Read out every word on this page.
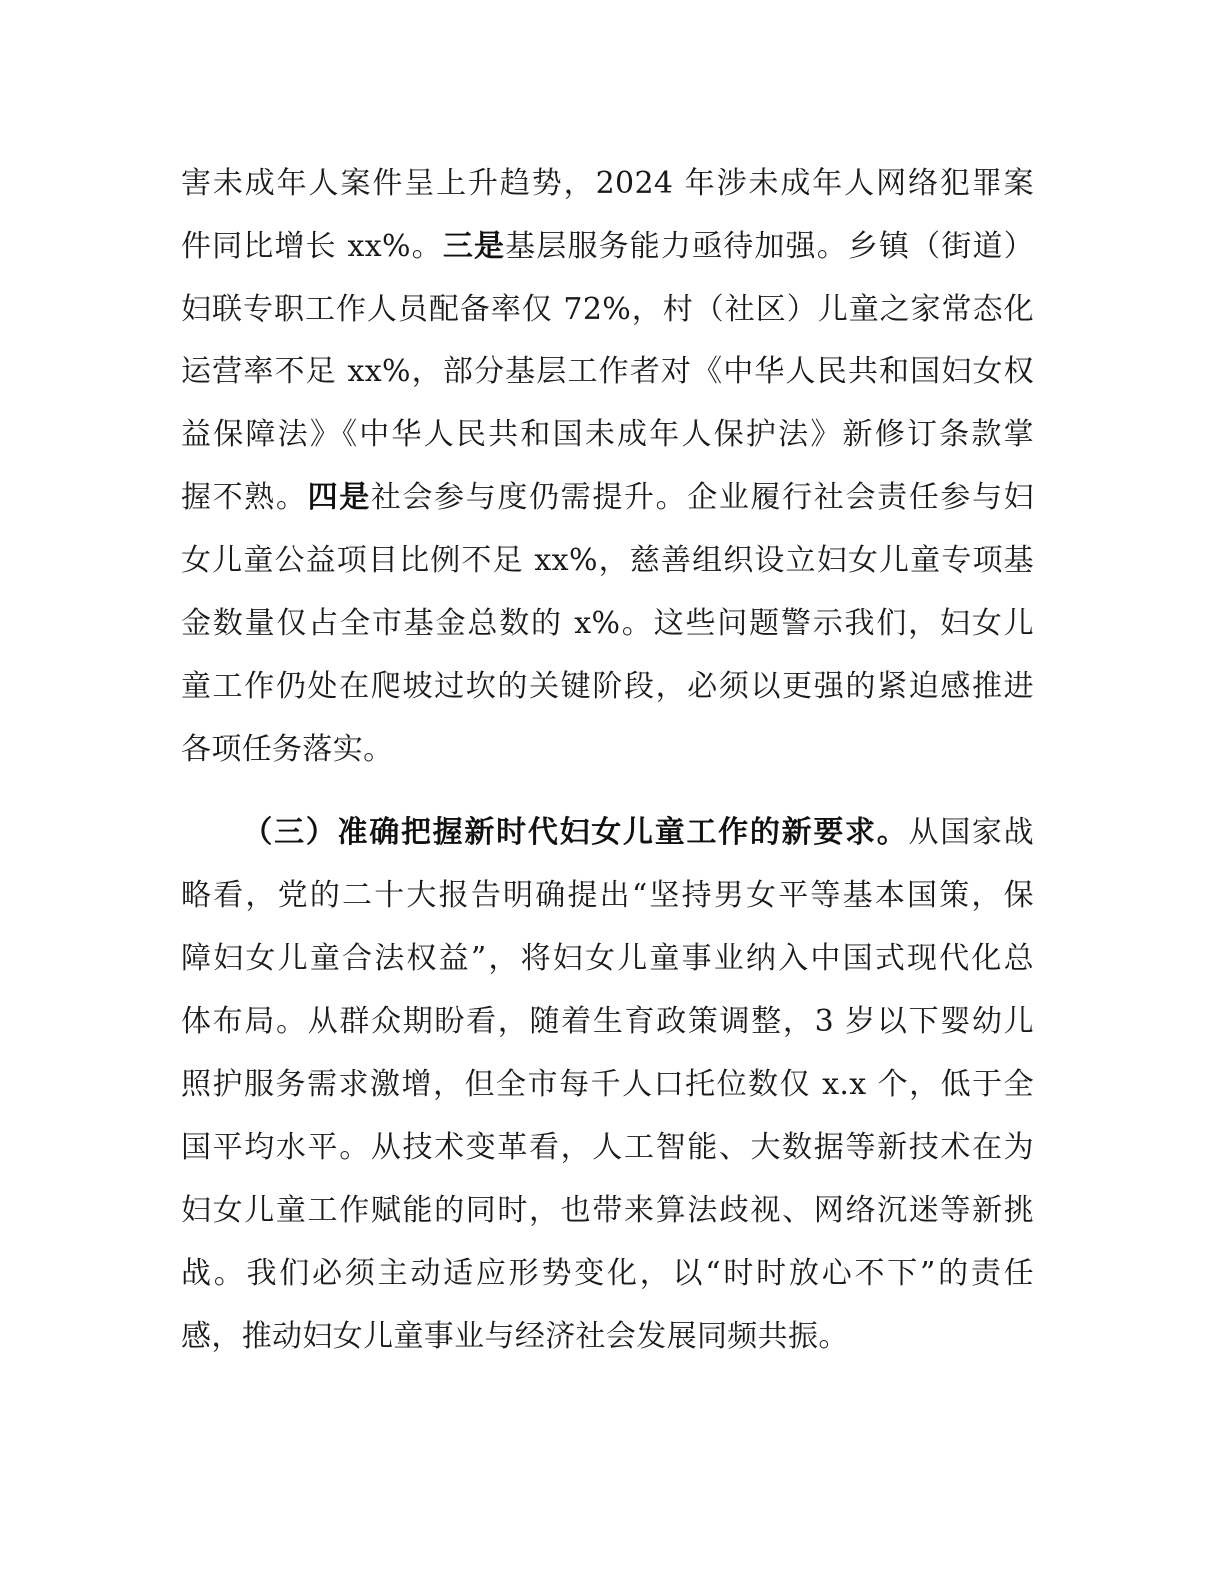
害未成年人案件呈上升趋势，2024 年涉未成年人网络犯罪案
件同比增长 xx%。三是基层服务能力亟待加强。乡镇（街道）
妇联专职工作人员配备率仅 72%，村（社区）儿童之家常态化
运营率不足 xx%，部分基层工作者对《中华人民共和国妇女权
益保障法》《中华人民共和国未成年人保护法》新修订条款掌
握不熟。四是社会参与度仍需提升。企业履行社会责任参与妇
女儿童公益项目比例不足 xx%，慈善组织设立妇女儿童专项基
金数量仅占全市基金总数的 x%。这些问题警示我们，妇女儿
童工作仍处在爬坡过坎的关键阶段，必须以更强的紧迫感推进
各项任务落实。
（三）准确把握新时代妇女儿童工作的新要求。从国家战
略看，党的二十大报告明确提出“坚持男女平等基本国策，保
障妇女儿童合法权益”，将妇女儿童事业纳入中国式现代化总
体布局。从群众期盼看，随着生育政策调整，3 岁以下婴幼儿
照护服务需求激增，但全市每千人口托位数仅 x.x 个，低于全
国平均水平。从技术变革看，人工智能、大数据等新技术在为
妇女儿童工作赋能的同时，也带来算法歧视、网络沉迷等新挑
战。我们必须主动适应形势变化，以“时时放心不下”的责任
感，推动妇女儿童事业与经济社会发展同频共振。
